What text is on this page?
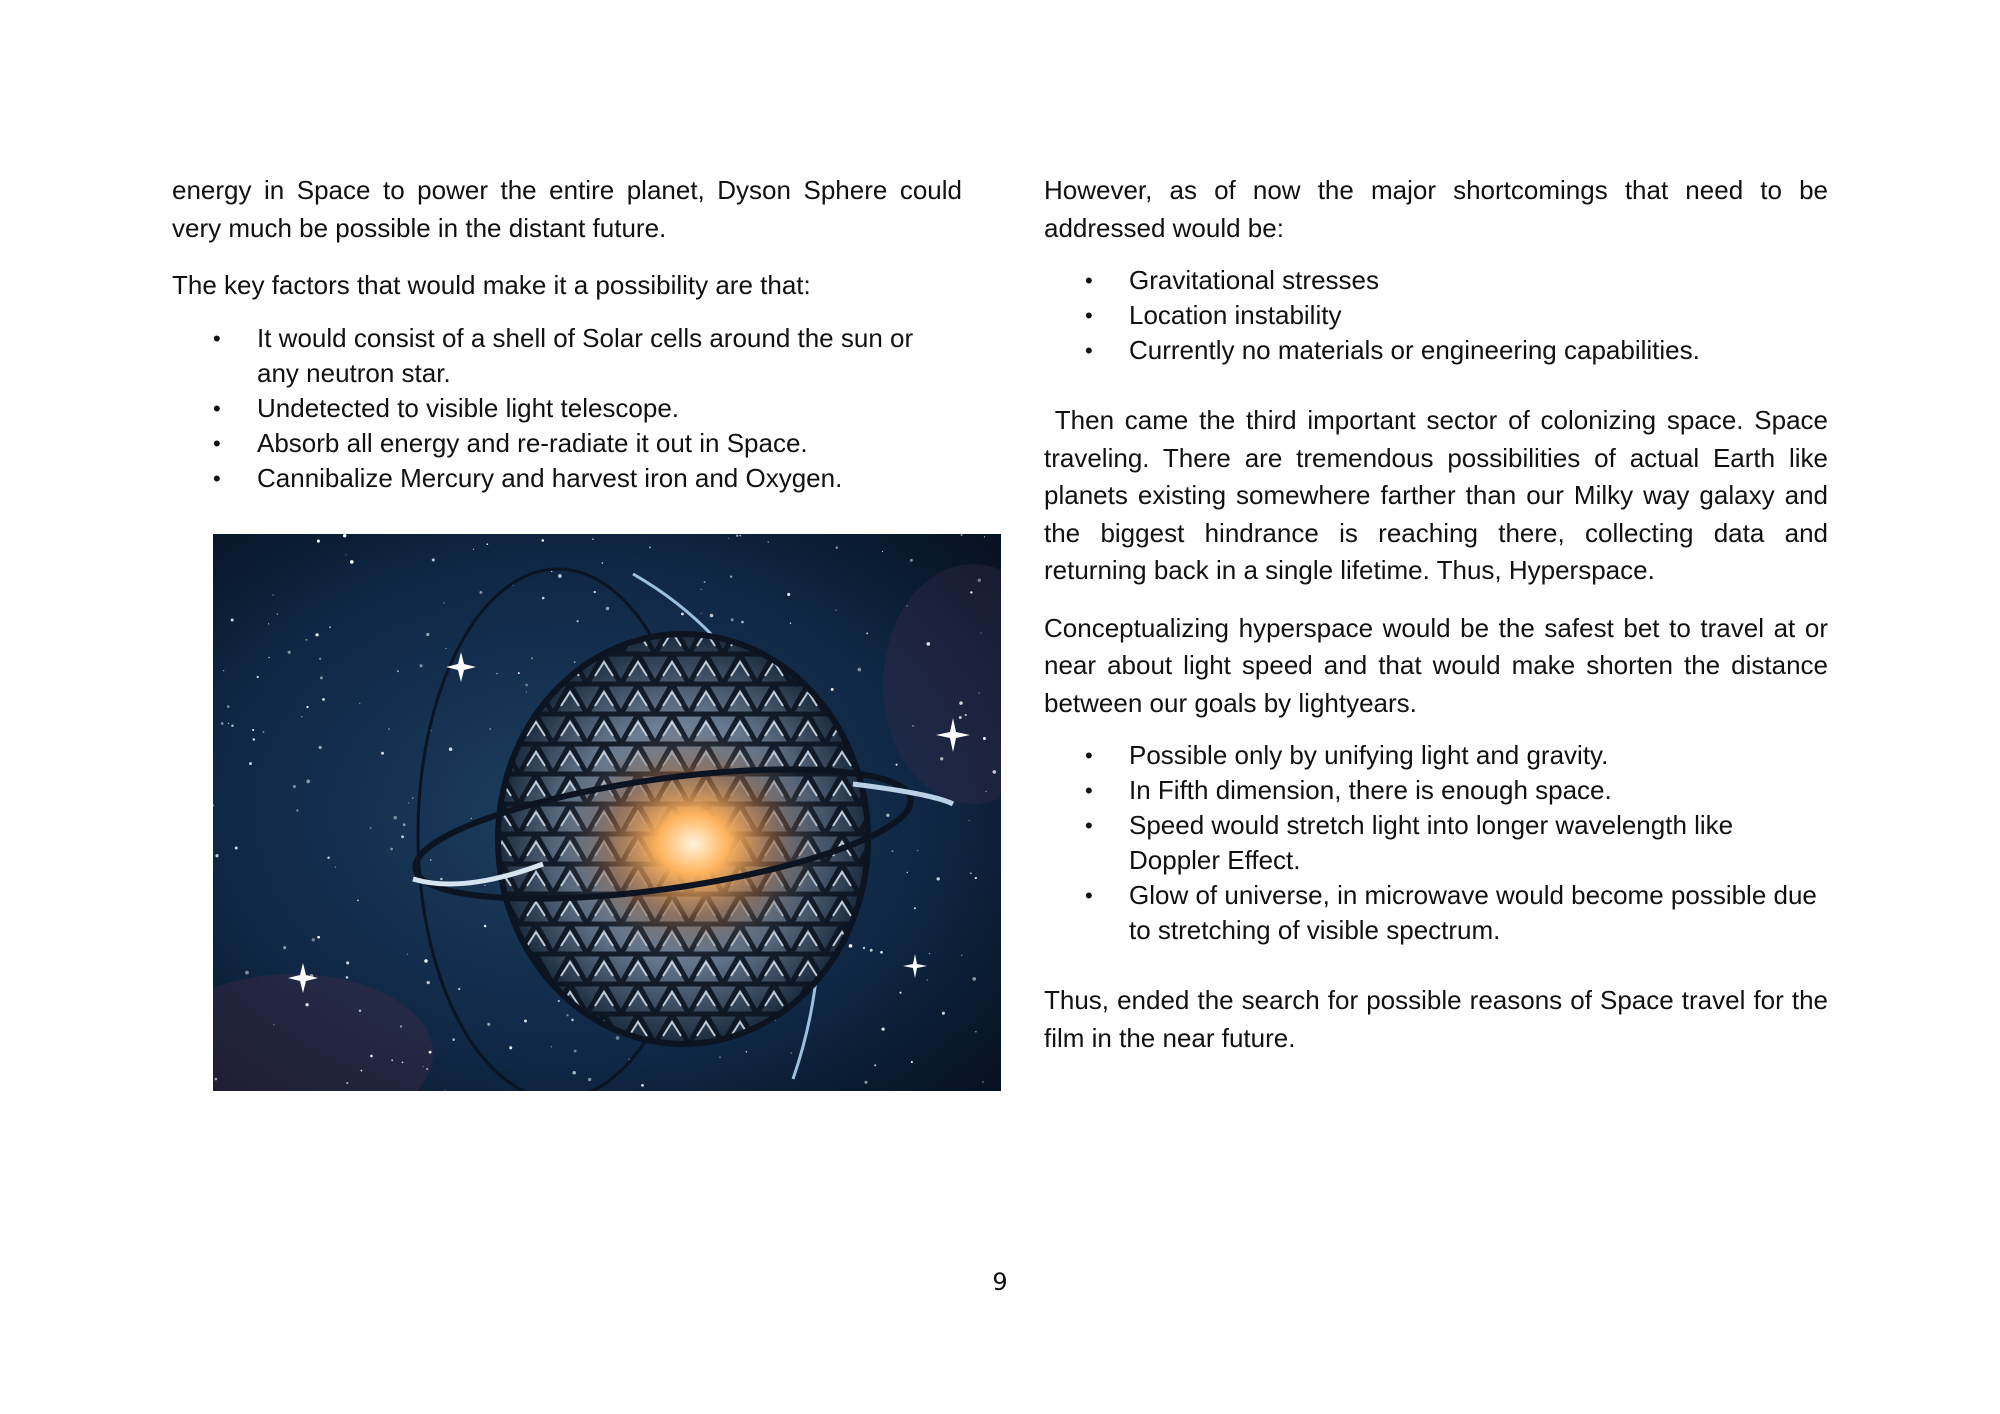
energy in Space to power the entire planet, Dyson Sphere could very much be possible in the distant future.

The key factors that would make it a possibility are that:

• It would consist of a shell of Solar cells around the sun or any neutron star.
• Undetected to visible light telescope.
• Absorb all energy and re-radiate it out in Space.
• Cannibalize Mercury and harvest iron and Oxygen.

However, as of now the major shortcomings that need to be addressed would be:

• Gravitational stresses
• Location instability
• Currently no materials or engineering capabilities.

Then came the third important sector of colonizing space. Space traveling. There are tremendous possibilities of actual Earth like planets existing somewhere farther than our Milky way galaxy and the biggest hindrance is reaching there, collecting data and returning back in a single lifetime. Thus, Hyperspace.

Conceptualizing hyperspace would be the safest bet to travel at or near about light speed and that would make shorten the distance between our goals by lightyears.

• Possible only by unifying light and gravity.
• In Fifth dimension, there is enough space.
• Speed would stretch light into longer wavelength like Doppler Effect.
• Glow of universe, in microwave would become possible due to stretching of visible spectrum.

Thus, ended the search for possible reasons of Space travel for the film in the near future.

9
